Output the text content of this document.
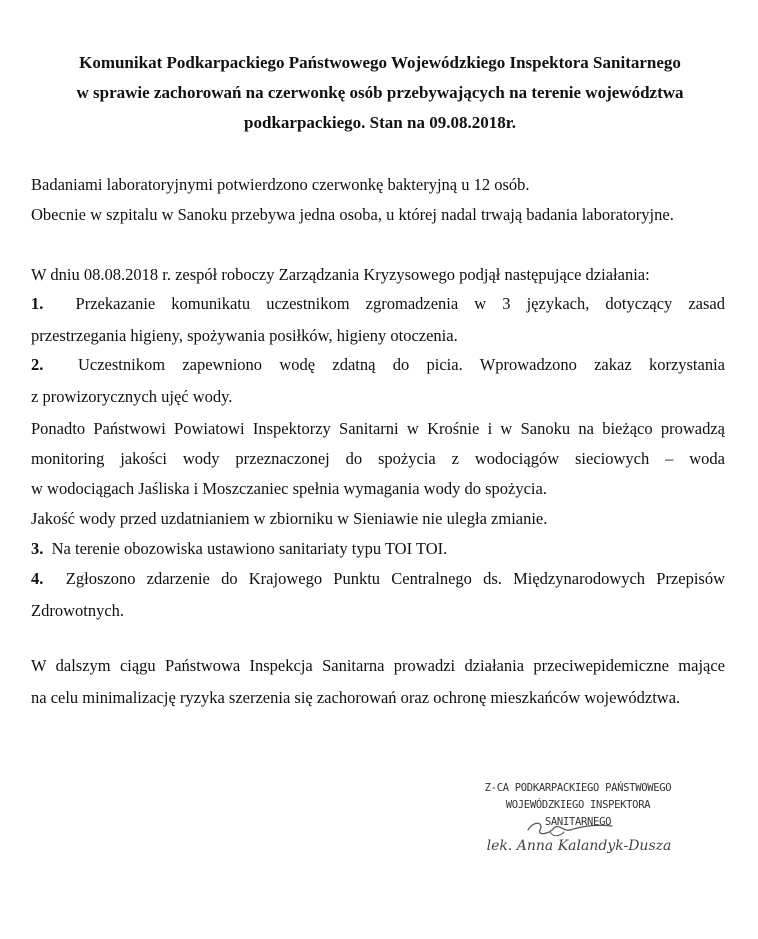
Komunikat Podkarpackiego Państwowego Wojewódzkiego Inspektora Sanitarnego
w sprawie zachorowań na czerwonkę osób przebywających na terenie województwa
podkarpackiego. Stan na 09.08.2018r.
Badaniami laboratoryjnymi potwierdzono czerwonkę bakteryjną u 12 osób.
Obecnie w szpitalu w Sanoku przebywa jedna osoba, u której nadal trwają badania laboratoryjne.
W dniu 08.08.2018 r. zespół roboczy Zarządzania Kryzysowego podjął następujące działania:
1. Przekazanie komunikatu uczestnikom zgromadzenia w 3 językach, dotyczący zasad
przestrzegania higieny, spożywania posiłków, higieny otoczenia.
2. Uczestnikom zapewniono wodę zdatną do picia. Wprowadzono zakaz korzystania
z prowizorycznych ujęć wody.
Ponadto Państwowi Powiatowi Inspektorzy Sanitarni w Krośnie i w Sanoku na bieżąco prowadzą
monitoring jakości wody przeznaczonej do spożycia z wodociągów sieciowych – woda
w wodociągach Jaśliska i Moszczaniec spełnia wymagania wody do spożycia.
Jakość wody przed uzdatnianiem w zbiorniku w Sieniawie nie uległa zmianie.
3. Na terenie obozowiska ustawiono sanitariaty typu TOI TOI.
4. Zgłoszono zdarzenie do Krajowego Punktu Centralnego ds. Międzynarodowych Przepisów
Zdrowotnych.
W dalszym ciągu Państwowa Inspekcja Sanitarna prowadzi działania przeciwepidemiczne mające
na celu minimalizację ryzyka szerzenia się zachorowań oraz ochronę mieszkańców województwa.
Z-CA PODKARPACKIEGO PAŃSTWOWEGO
WOJEWÓDZKIEGO INSPEKTORA SANITARNEGO
lek. Anna Kalandyk-Dusza
